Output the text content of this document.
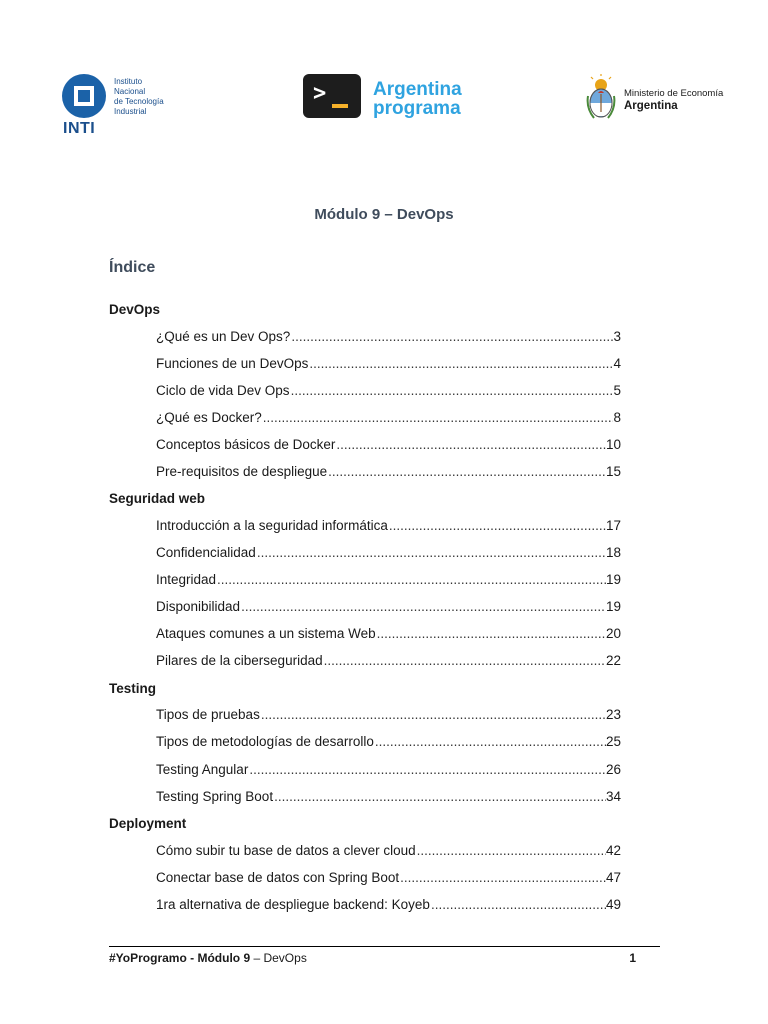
Instituto
Nacional
de Tecnología
Industrial
INTI
> Argentina
programa
Ministerio de Economía
Argentina
Módulo 9 – DevOps
Índice
DevOps
¿Qué es un Dev Ops? .....	3
Funciones de un DevOps .....	4
Ciclo de vida Dev Ops .....	5
¿Qué es Docker? .....	8
Conceptos básicos de Docker .....	10
Pre-requisitos de despliegue .....	15
Seguridad web
Introducción a la seguridad informática .....	17
Confidencialidad .....	18
Integridad .....	19
Disponibilidad .....	19
Ataques comunes a un sistema Web .....	20
Pilares de la ciberseguridad .....	22
Testing
Tipos de pruebas .....	23
Tipos de metodologías de desarrollo .....	25
Testing Angular .....	26
Testing Spring Boot .....	34
Deployment
Cómo subir tu base de datos a clever cloud .....	42
Conectar base de datos con Spring Boot .....	47
1ra alternativa de despliegue backend: Koyeb .....	49
#YoProgramo - Módulo 9 – DevOps	1
